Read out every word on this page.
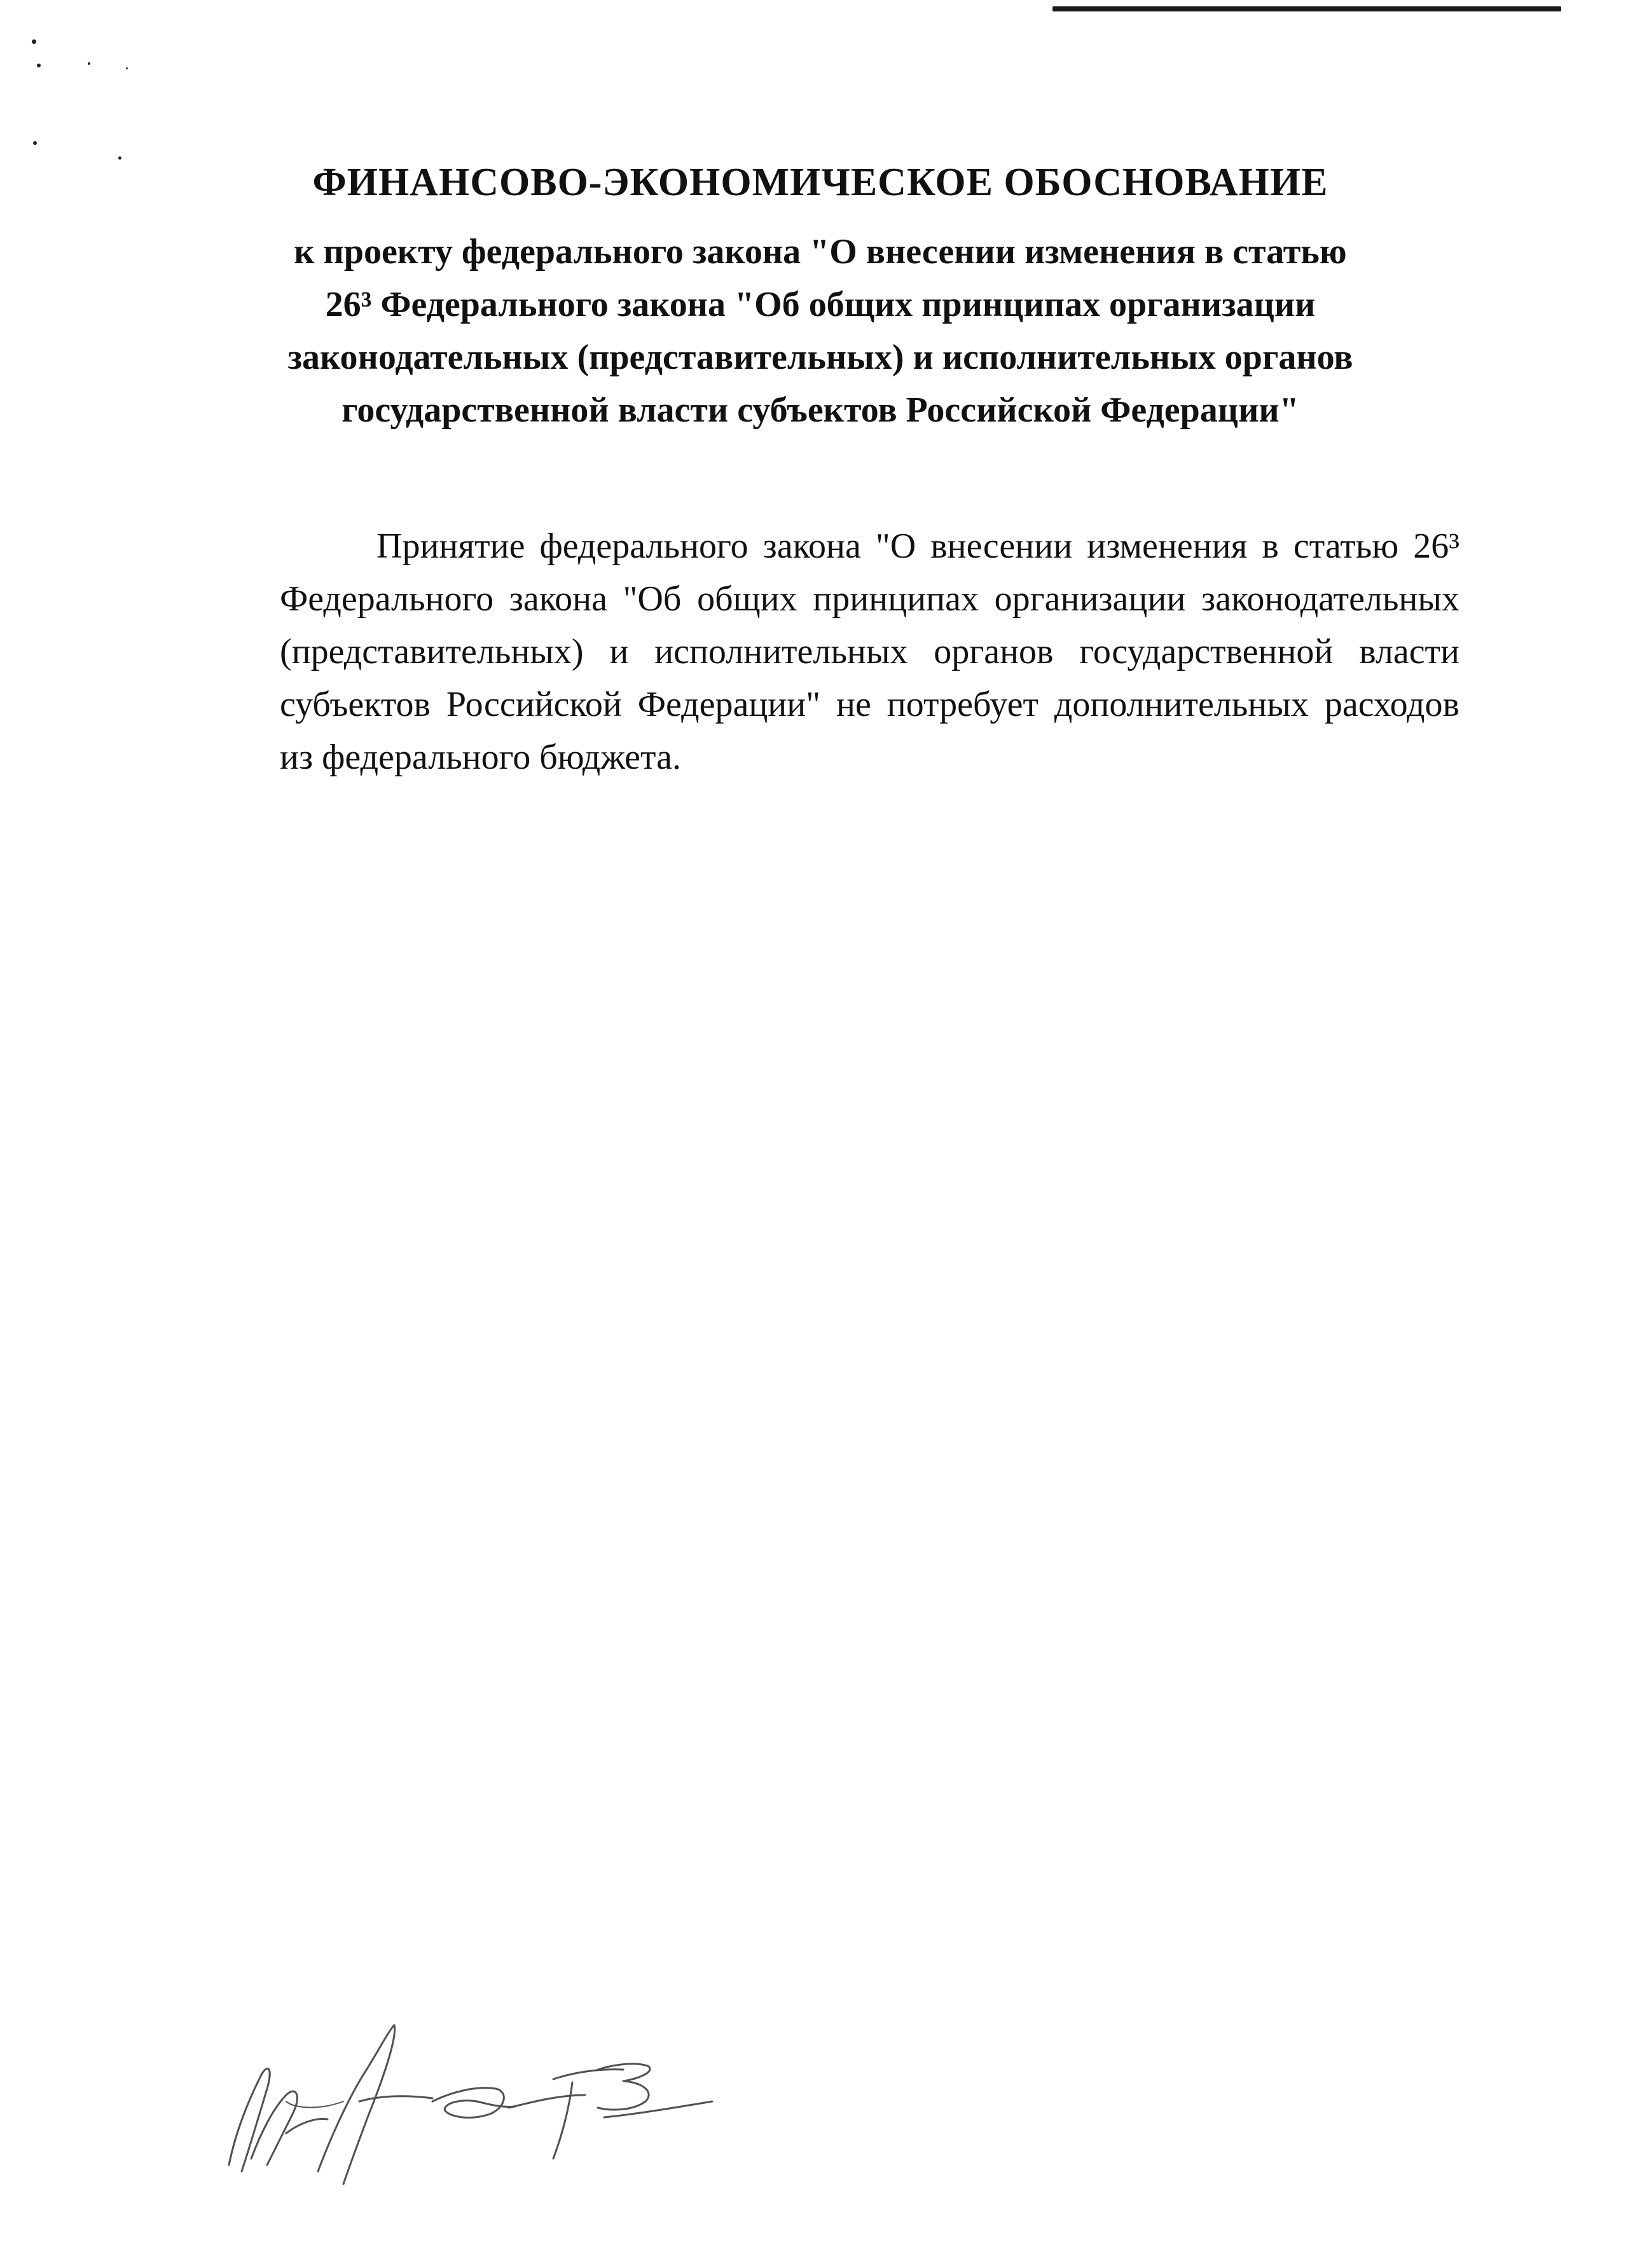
ФИНАНСОВО-ЭКОНОМИЧЕСКОЕ ОБОСНОВАНИЕ

к проекту федерального закона "О внесении изменения в статью 26³ Федерального закона "Об общих принципах организации законодательных (представительных) и исполнительных органов государственной власти субъектов Российской Федерации"

Принятие федерального закона "О внесении изменения в статью 26³ Федерального закона "Об общих принципах организации законодательных (представительных) и исполнительных органов государственной власти субъектов Российской Федерации" не потребует дополнительных расходов из федерального бюджета.
